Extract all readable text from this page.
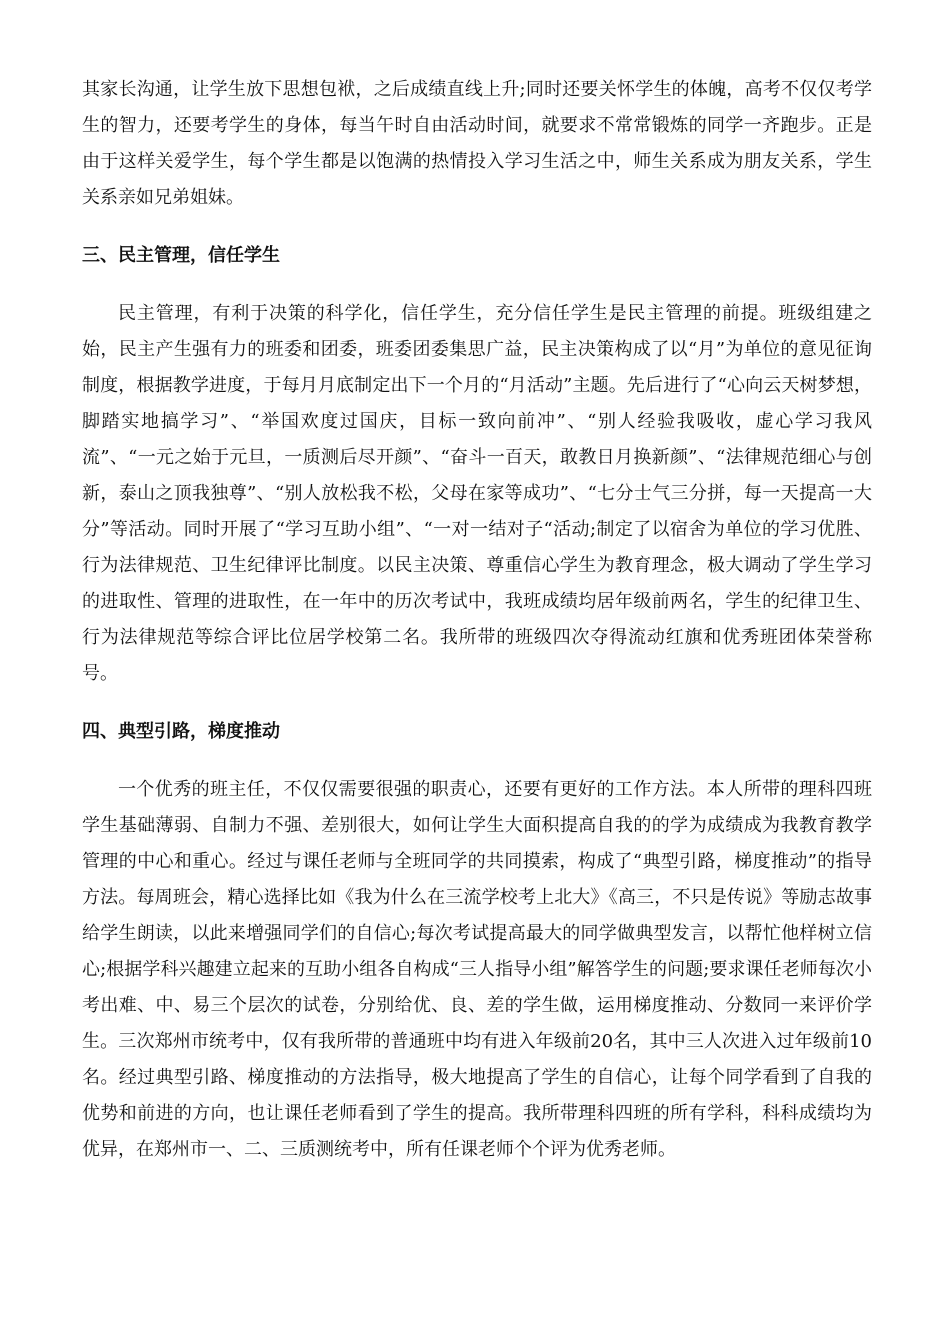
其家长沟通，让学生放下思想包袱，之后成绩直线上升;同时还要关怀学生的体魄，高考不仅仅考学生的智力，还要考学生的身体，每当午时自由活动时间，就要求不常常锻炼的同学一齐跑步。正是由于这样关爱学生，每个学生都是以饱满的热情投入学习生活之中，师生关系成为朋友关系，学生关系亲如兄弟姐妹。

三、民主管理，信任学生

民主管理，有利于决策的科学化，信任学生，充分信任学生是民主管理的前提。班级组建之始，民主产生强有力的班委和团委，班委团委集思广益，民主决策构成了以“月”为单位的意见征询制度，根据教学进度，于每月月底制定出下一个月的“月活动”主题。先后进行了“心向云天树梦想，脚踏实地搞学习”、“举国欢度过国庆，目标一致向前冲”、“别人经验我吸收，虚心学习我风流”、“一元之始于元旦，一质测后尽开颜”、“奋斗一百天，敢教日月换新颜”、“法律规范细心与创新，泰山之顶我独尊”、“别人放松我不松，父母在家等成功”、“七分士气三分拼，每一天提高一大分”等活动。同时开展了“学习互助小组”、“一对一结对子“活动;制定了以宿舍为单位的学习优胜、行为法律规范、卫生纪律评比制度。以民主决策、尊重信心学生为教育理念，极大调动了学生学习的进取性、管理的进取性，在一年中的历次考试中，我班成绩均居年级前两名，学生的纪律卫生、行为法律规范等综合评比位居学校第二名。我所带的班级四次夺得流动红旗和优秀班团体荣誉称号。

四、典型引路，梯度推动

一个优秀的班主任，不仅仅需要很强的职责心，还要有更好的工作方法。本人所带的理科四班学生基础薄弱、自制力不强、差别很大，如何让学生大面积提高自我的的学为成绩成为我教育教学管理的中心和重心。经过与课任老师与全班同学的共同摸索，构成了“典型引路，梯度推动”的指导方法。每周班会，精心选择比如《我为什么在三流学校考上北大》《高三，不只是传说》等励志故事给学生朗读，以此来增强同学们的自信心;每次考试提高最大的同学做典型发言，以帮忙他样树立信心;根据学科兴趣建立起来的互助小组各自构成“三人指导小组”解答学生的问题;要求课任老师每次小考出难、中、易三个层次的试卷，分别给优、良、差的学生做，运用梯度推动、分数同一来评价学生。三次郑州市统考中，仅有我所带的普通班中均有进入年级前20名，其中三人次进入过年级前10名。经过典型引路、梯度推动的方法指导，极大地提高了学生的自信心，让每个同学看到了自我的优势和前进的方向，也让课任老师看到了学生的提高。我所带理科四班的所有学科，科科成绩均为优异，在郑州市一、二、三质测统考中，所有任课老师个个评为优秀老师。
